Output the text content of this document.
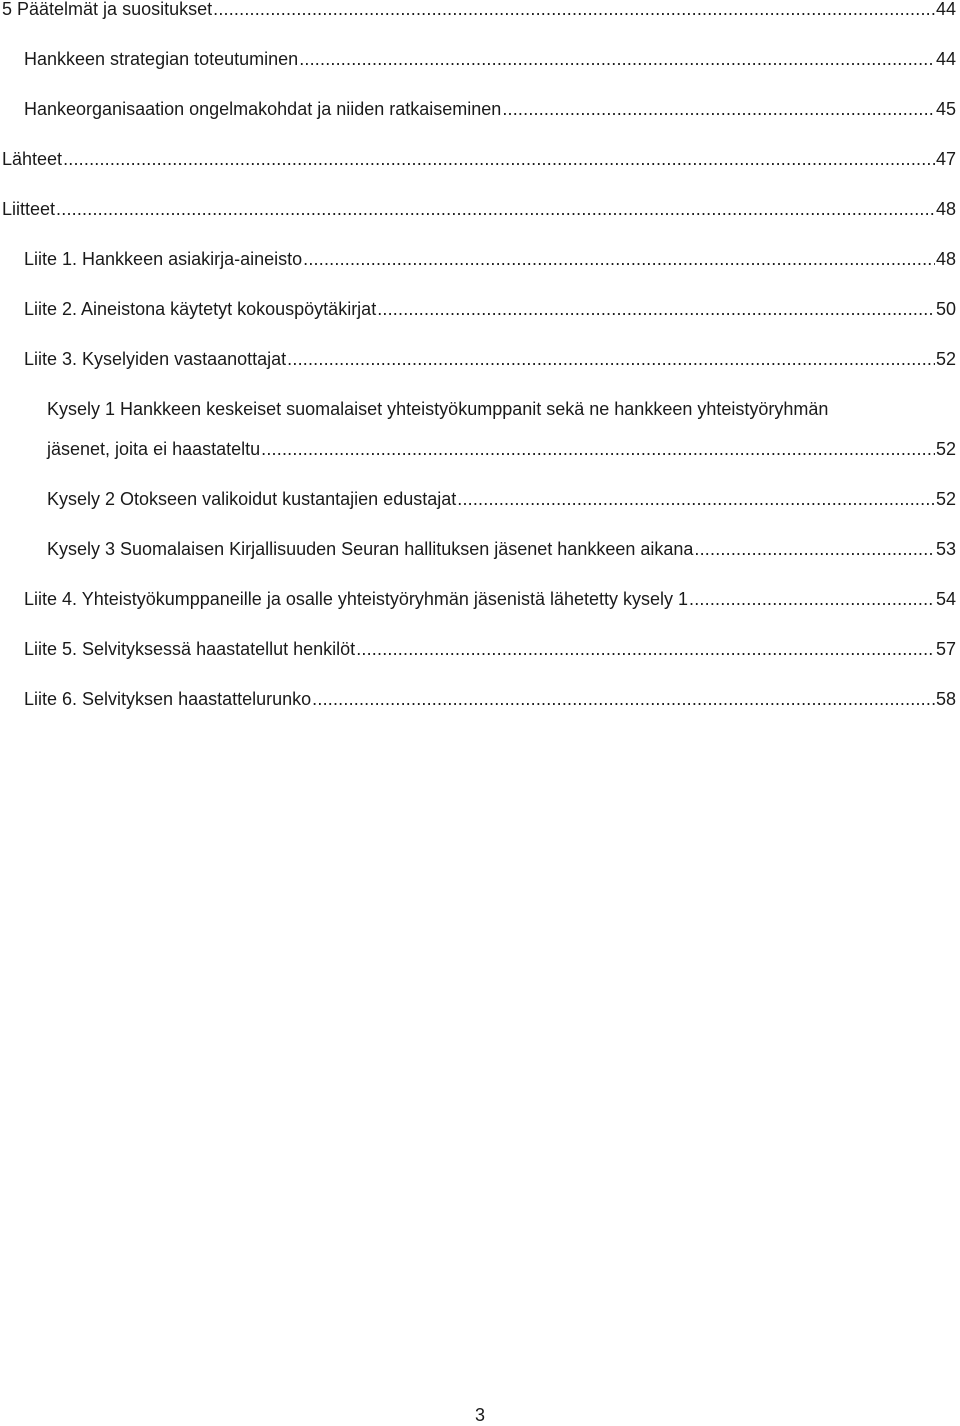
5 Päätelmät ja suositukset .....	44
Hankkeen strategian toteutuminen .....	44
Hankeorganisaation ongelmakohdat ja niiden ratkaiseminen .....	45
Lähteet .....	47
Liitteet .....	48
Liite 1. Hankkeen asiakirja-aineisto .....	48
Liite 2. Aineistona käytetyt kokouspöytäkirjat .....	50
Liite 3. Kyselyiden vastaanottajat .....	52
Kysely 1 Hankkeen keskeiset suomalaiset yhteistyökumppanit sekä ne hankkeen yhteistyöryhmän
jäsenet, joita ei haastateltu .....	52
Kysely 2 Otokseen valikoidut kustantajien edustajat .....	52
Kysely 3 Suomalaisen Kirjallisuuden Seuran hallituksen jäsenet hankkeen aikana .....	53
Liite 4. Yhteistyökumppaneille ja osalle yhteistyöryhmän jäsenistä lähetetty kysely 1 .....	54
Liite 5. Selvityksessä haastatellut henkilöt .....	57
Liite 6. Selvityksen haastattelurunko .....	58
3
